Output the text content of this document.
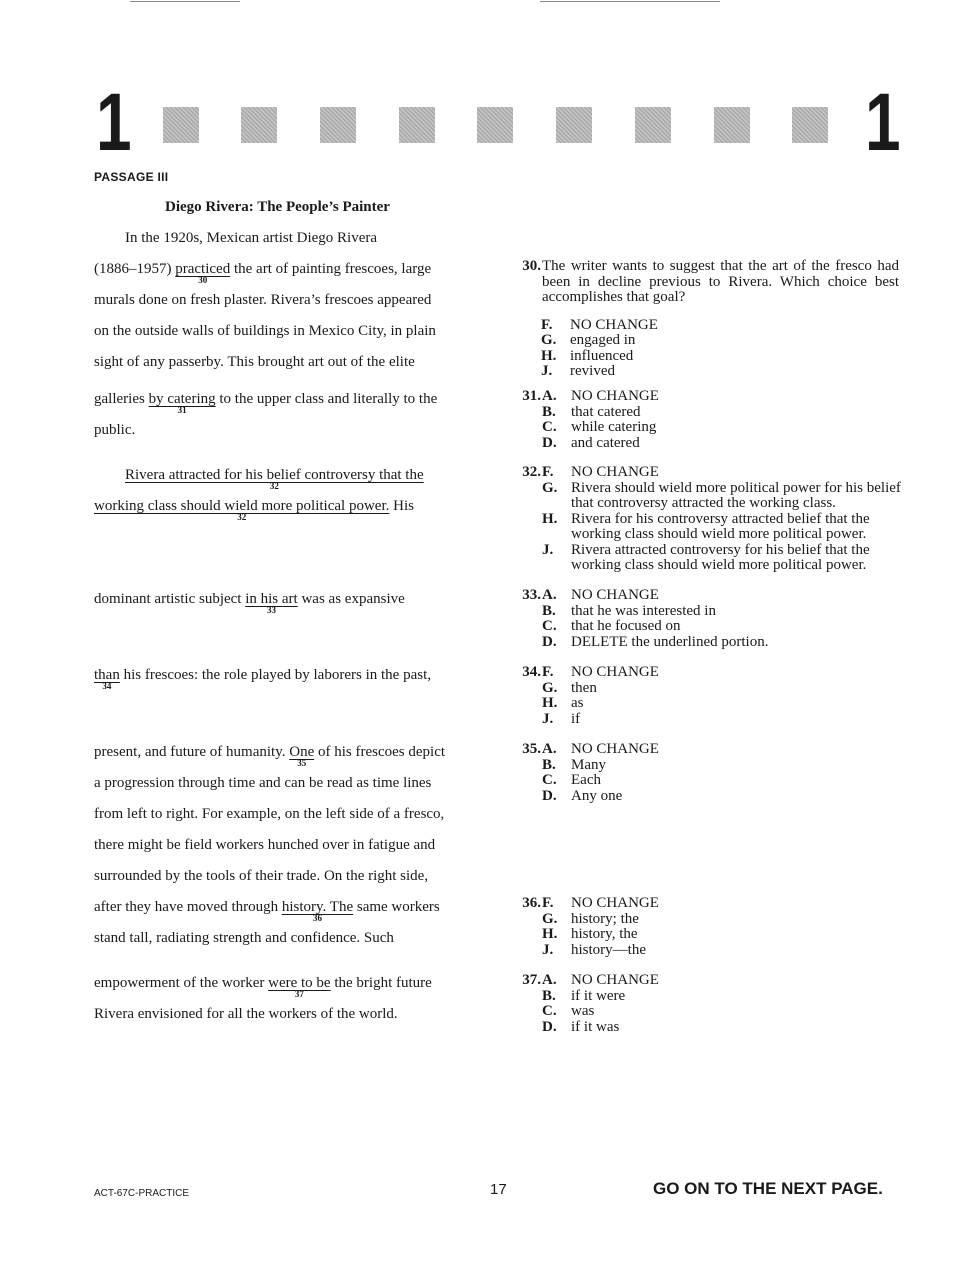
1	1
PASSAGE III
Diego Rivera: The People’s Painter
In the 1920s, Mexican artist Diego Rivera
(1886–1957) practiced
30
the art of painting frescoes, large
murals done on fresh plaster. Rivera’s frescoes appeared
on the outside walls of buildings in Mexico City, in plain
sight of any passerby. This brought art out of the elite
galleries by catering
31
to the upper class and literally to the
public.
Rivera attracted for his belief controversy that the
32
working class should wield more political power.
32
His
dominant artistic subject in his art
33
was as expansive
than
34
his frescoes: the role played by laborers in the past,
present, and future of humanity. One
35
of his frescoes depict
a progression through time and can be read as time lines
from left to right. For example, on the left side of a fresco,
there might be field workers hunched over in fatigue and
surrounded by the tools of their trade. On the right side,
after they have moved through history. The
36
same workers
stand tall, radiating strength and confidence. Such
empowerment of the worker were to be
37
the bright future
Rivera envisioned for all the workers of the world.
30. The writer wants to suggest that the art of the fresco had been in decline previous to Rivera. Which choice best accomplishes that goal?
F.	NO CHANGE
G. engaged in
H. influenced
J.	revived
31. A. NO CHANGE
B.	that catered
C. while catering
D. and catered
32. F.	NO CHANGE
G. Rivera should wield more political power for his belief that controversy attracted the working class.
H. Rivera for his controversy attracted belief that the working class should wield more political power.
J.	Rivera attracted controversy for his belief that the working class should wield more political power.
33. A. NO CHANGE
B.	that he was interested in
C. that he focused on
D. DELETE the underlined portion.
34. F.	NO CHANGE
G. then
H. as
J.	if
35. A. NO CHANGE
B.	Many
C. Each
D. Any one
36. F.	NO CHANGE
G. history; the
H. history, the
J.	history—the
37. A. NO CHANGE
B.	if it were
C. was
D. if it was
ACT-67C-PRACTICE	17	GO ON TO THE NEXT PAGE.
